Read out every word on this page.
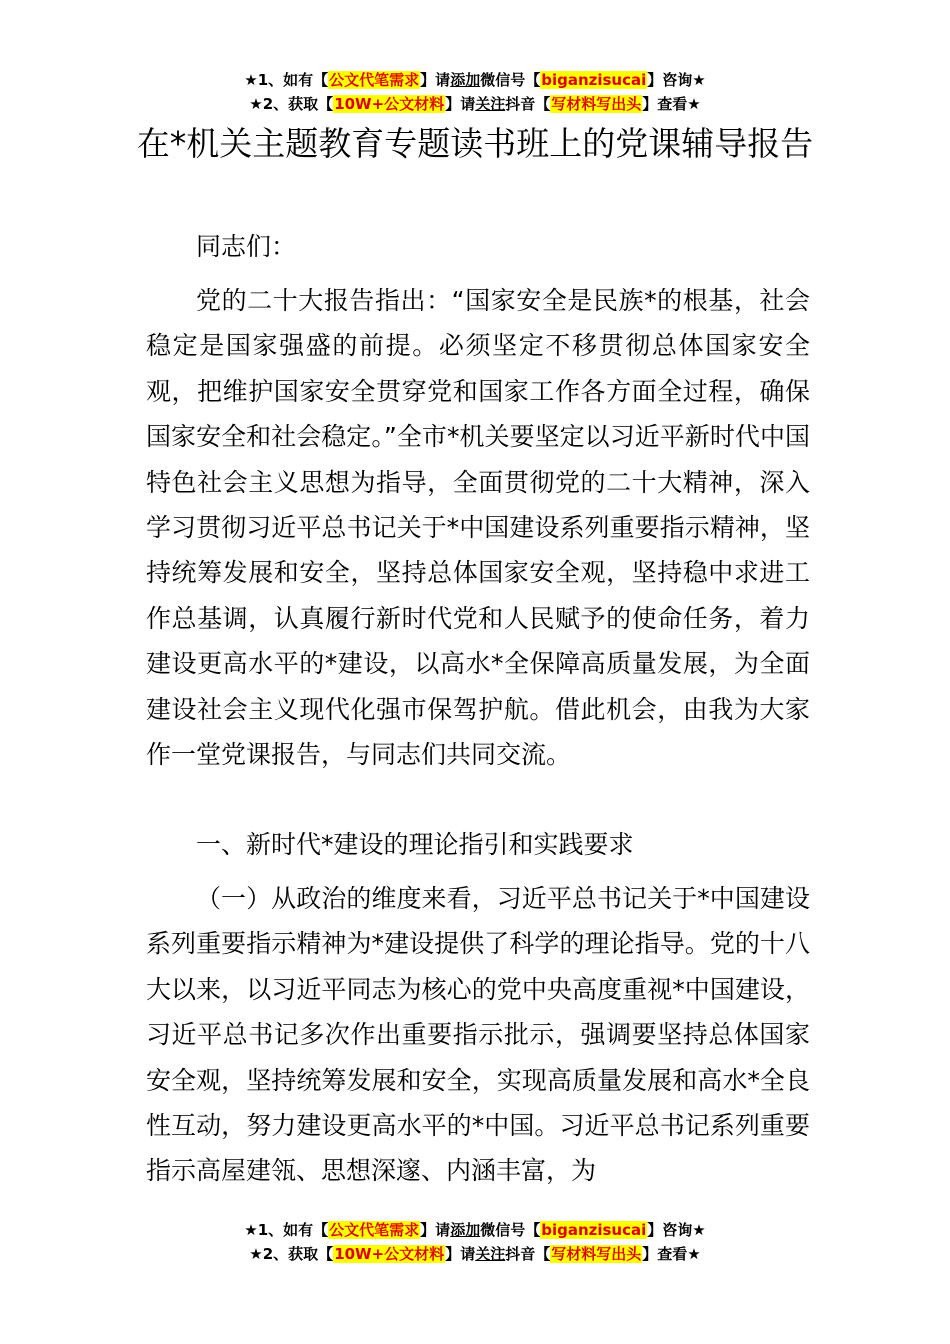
★1、如有【公文代笔需求】请添加微信号【biganzisucai】咨询★
★2、获取【10W+公文材料】请关注抖音【写材料写出头】查看★
在*机关主题教育专题读书班上的党课辅导报告

同志们：

党的二十大报告指出：“国家安全是民族*的根基，社会稳定是国家强盛的前提。必须坚定不移贯彻总体国家安全观，把维护国家安全贯穿党和国家工作各方面全过程，确保国家安全和社会稳定。”全市*机关要坚定以习近平新时代中国特色社会主义思想为指导，全面贯彻党的二十大精神，深入学习贯彻习近平总书记关于*中国建设系列重要指示精神，坚持统筹发展和安全，坚持总体国家安全观，坚持稳中求进工作总基调，认真履行新时代党和人民赋予的使命任务，着力建设更高水平的*建设，以高水*全保障高质量发展，为全面建设社会主义现代化强市保驾护航。借此机会，由我为大家作一堂党课报告，与同志们共同交流。

一、新时代*建设的理论指引和实践要求

（一）从政治的维度来看，习近平总书记关于*中国建设系列重要指示精神为*建设提供了科学的理论指导。党的十八大以来，以习近平同志为核心的党中央高度重视*中国建设，习近平总书记多次作出重要指示批示，强调要坚持总体国家安全观，坚持统筹发展和安全，实现高质量发展和高水*全良性互动，努力建设更高水平的*中国。习近平总书记系列重要指示高屋建瓴、思想深邃、内涵丰富，为

★1、如有【公文代笔需求】请添加微信号【biganzisucai】咨询★
★2、获取【10W+公文材料】请关注抖音【写材料写出头】查看★
